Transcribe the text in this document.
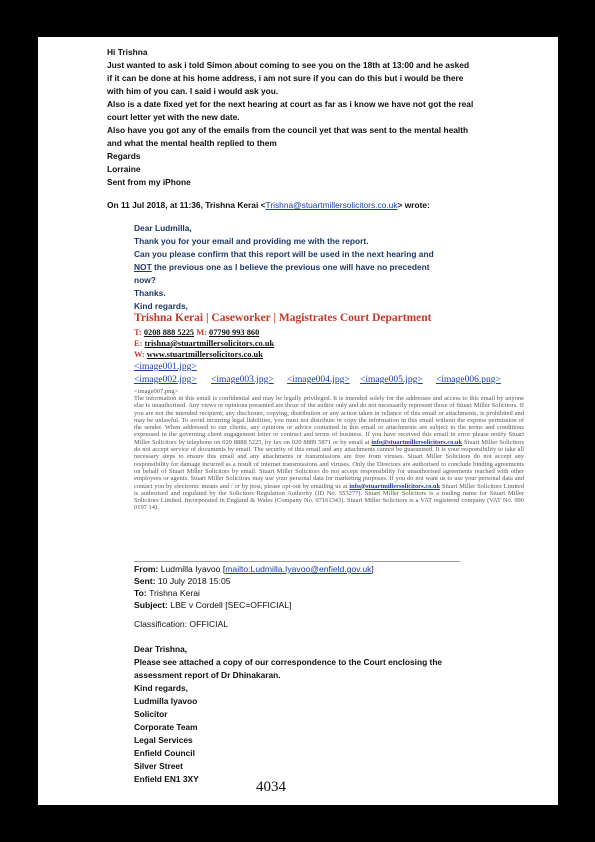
Hi Trishna
Just wanted to ask i told Simon about coming to see you on the 18th at 13:00 and he asked
if it can be done at his home address, i am not sure if you can do this but i would be there
with him of you can. I said i would ask you.
Also is a date fixed yet for the next hearing at court as far as i know we have not got the real
court letter yet with the new date.
Also have you got any of the emails from the council yet that was sent to the mental health
and what the mental health replied to them
Regards
Lorraine
Sent from my iPhone
On 11 Jul 2018, at 11:36, Trishna Kerai <Trishna@stuartmillersolicitors.co.uk> wrote:
Dear Ludmilla,
Thank you for your email and providing me with the report.
Can you please confirm that this report will be used in the next hearing and
NOT the previous one as I believe the previous one will have no precedent
now?
Thanks.
Kind regards,
Trishna Kerai | Caseworker | Magistrates Court Department
T: 0208 888 5225 M: 07790 993 860
E: trishna@stuartmillersolicitors.co.uk
W: www.stuartmillersolicitors.co.uk
<image001.jpg>
<image002.jpg> <image003.jpg> <image004.jpg> <image005.jpg> <image006.png>
<image007.png>
The information in this email is confidential and may be legally privileged. It is intended solely for the addressee and access to this email by anyone else is unauthorised. Any views or opinions presented are those of the author only and do not necessarily represent those of Stuart Miller Solicitors. If you are not the intended recipient; any disclosure, copying, distribution or any action taken in reliance of this email or attachments, is prohibited and may be unlawful. To avoid incurring legal liabilities, you must not distribute or copy the information in this email without the express permission of the sender. When addressed to our clients, any opinions or advice contained in this email or attachments are subject to the terms and conditions expressed in the governing client engagement letter or contract and terms of business. If you have received this email in error please notify Stuart Miller Solicitors by telephone on 020 8888 5225, by fax on 020 8889 5871 or by email at info@stuartmillersolicitors.co.uk Stuart Miller Solicitors do not accept service of documents by email. The security of this email and any attachments cannot be guaranteed. It is your responsibility to take all necessary steps to ensure this email and any attachments or transmissions are free from viruses. Stuart Miller Solicitors do not accept any responsibility for damage incurred as a result of internet transmissions and viruses. Only the Directors are authorised to conclude binding agreements on behalf of Stuart Miller Solicitors by email. Stuart Miller Solicitors do not accept responsibility for unauthorised agreements reached with other employees or agents. Stuart Miller Solicitors may use your personal data for marketing purposes. If you do not want us to use your personal data and contact you by electronic means and / or by post, please opt-out by emailing us at info@stuartmillersolicitors.co.uk Stuart Miller Solicitors Limited is authorised and regulated by the Solicitors Regulation Authority (ID No. 553277). Stuart Miller Solicitors is a trading name for Stuart Miller Solicitors Limited. Incorporated in England & Wales (Company No. 07161343). Stuart Miller Solicitors is a VAT registered company (VAT No. 990 0197 14).
From: Ludmilla Iyavoo [mailto:Ludmilla.Iyavoo@enfield.gov.uk]
Sent: 10 July 2018 15:05
To: Trishna Kerai
Subject: LBE v Cordell [SEC=OFFICIAL]
Classification: OFFICIAL
Dear Trishna,
Please see attached a copy of our correspondence to the Court enclosing the
assessment report of Dr Dhinakaran.
Kind regards,
Ludmilla Iyavoo
Solicitor
Corporate Team
Legal Services
Enfield Council
Silver Street
Enfield EN1 3XY	4034
